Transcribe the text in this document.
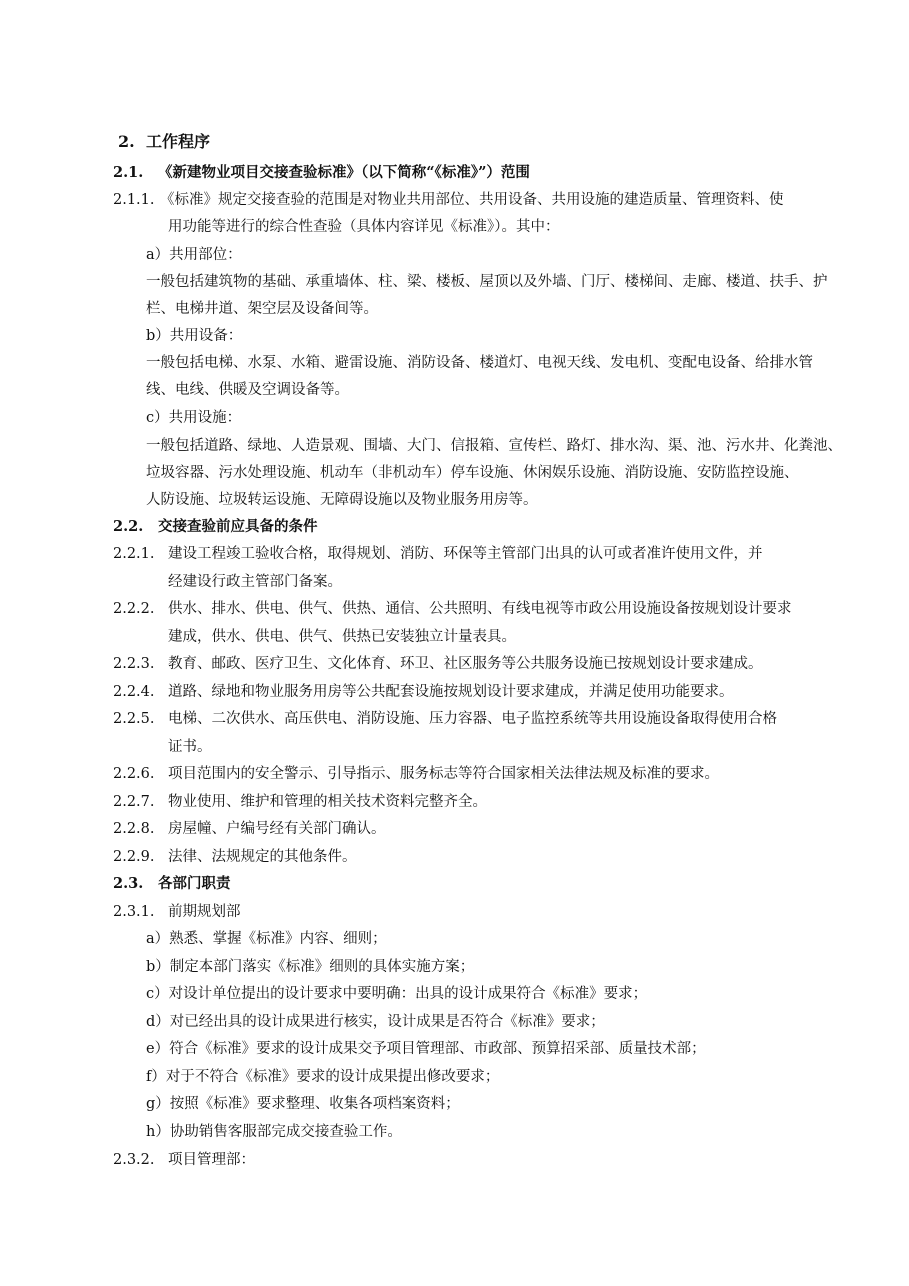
2. 工作程序
2.1. 《新建物业项目交接查验标准》（以下简称“《标准》”）范围
2.1.1. 《标准》规定交接查验的范围是对物业共用部位、共用设备、共用设施的建造质量、管理资料、使
用功能等进行的综合性查验（具体内容详见《标准》）。其中：
a）共用部位：
一般包括建筑物的基础、承重墙体、柱、梁、楼板、屋顶以及外墙、门厅、楼梯间、走廊、楼道、扶手、护
栏、电梯井道、架空层及设备间等。
b）共用设备：
一般包括电梯、水泵、水箱、避雷设施、消防设备、楼道灯、电视天线、发电机、变配电设备、给排水管
线、电线、供暖及空调设备等。
c）共用设施：
一般包括道路、绿地、人造景观、围墙、大门、信报箱、宣传栏、路灯、排水沟、渠、池、污水井、化粪池、
垃圾容器、污水处理设施、机动车（非机动车）停车设施、休闲娱乐设施、消防设施、安防监控设施、
人防设施、垃圾转运设施、无障碍设施以及物业服务用房等。
2.2. 交接查验前应具备的条件
2.2.1. 建设工程竣工验收合格，取得规划、消防、环保等主管部门出具的认可或者准许使用文件，并
经建设行政主管部门备案。
2.2.2. 供水、排水、供电、供气、供热、通信、公共照明、有线电视等市政公用设施设备按规划设计要求
建成，供水、供电、供气、供热已安装独立计量表具。
2.2.3. 教育、邮政、医疗卫生、文化体育、环卫、社区服务等公共服务设施已按规划设计要求建成。
2.2.4. 道路、绿地和物业服务用房等公共配套设施按规划设计要求建成，并满足使用功能要求。
2.2.5. 电梯、二次供水、高压供电、消防设施、压力容器、电子监控系统等共用设施设备取得使用合格
证书。
2.2.6. 项目范围内的安全警示、引导指示、服务标志等符合国家相关法律法规及标准的要求。
2.2.7. 物业使用、维护和管理的相关技术资料完整齐全。
2.2.8. 房屋幢、户编号经有关部门确认。
2.2.9. 法律、法规规定的其他条件。
2.3. 各部门职责
2.3.1. 前期规划部
a）熟悉、掌握《标准》内容、细则；
b）制定本部门落实《标准》细则的具体实施方案；
c）对设计单位提出的设计要求中要明确：出具的设计成果符合《标准》要求；
d）对已经出具的设计成果进行核实，设计成果是否符合《标准》要求；
e）符合《标准》要求的设计成果交予项目管理部、市政部、预算招采部、质量技术部；
f）对于不符合《标准》要求的设计成果提出修改要求；
g）按照《标准》要求整理、收集各项档案资料；
h）协助销售客服部完成交接查验工作。
2.3.2. 项目管理部：
